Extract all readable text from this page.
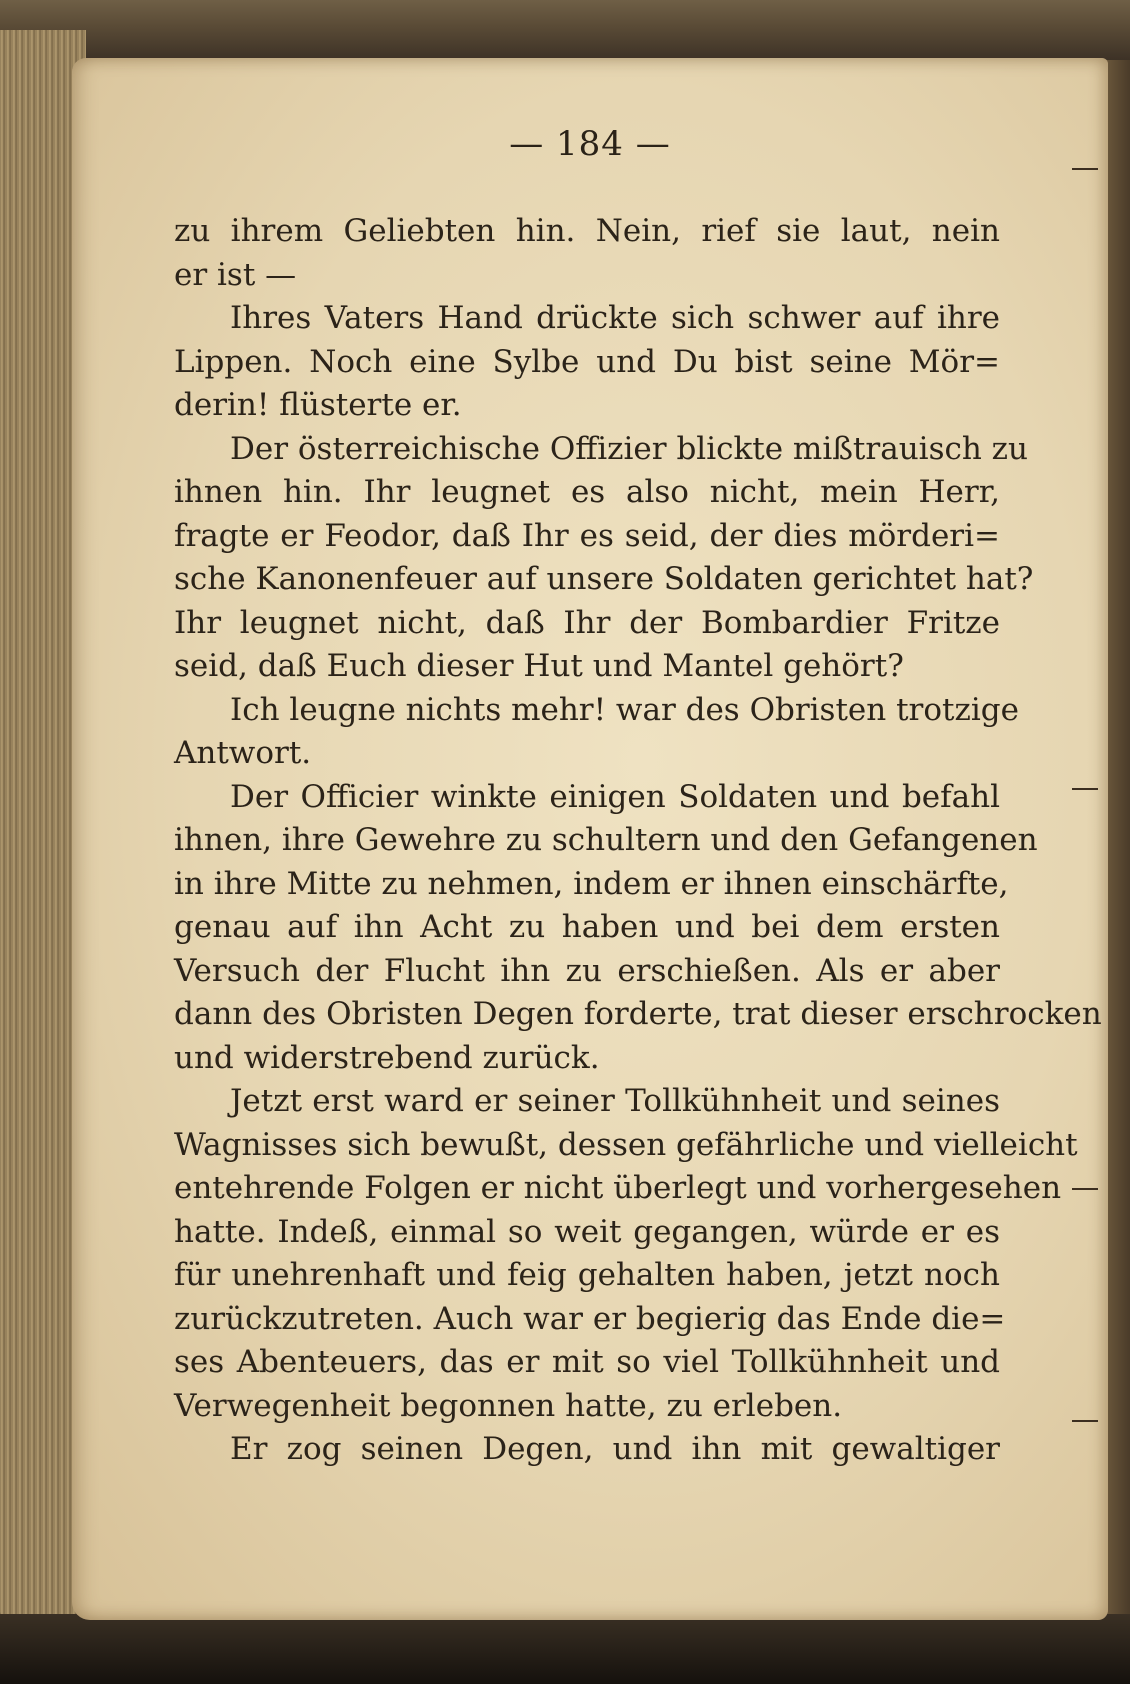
— 184 —
zu ihrem Geliebten hin. Nein, rief sie laut, nein
er ist —
Ihres Vaters Hand drückte sich schwer auf ihre
Lippen. Noch eine Sylbe und Du bist seine Mör=
derin! flüsterte er.
Der österreichische Offizier blickte mißtrauisch zu
ihnen hin. Ihr leugnet es also nicht, mein Herr,
fragte er Feodor, daß Ihr es seid, der dies mörderi=
sche Kanonenfeuer auf unsere Soldaten gerichtet hat?
Ihr leugnet nicht, daß Ihr der Bombardier Fritze
seid, daß Euch dieser Hut und Mantel gehört?
Ich leugne nichts mehr! war des Obristen trotzige
Antwort.
Der Officier winkte einigen Soldaten und befahl
ihnen, ihre Gewehre zu schultern und den Gefangenen
in ihre Mitte zu nehmen, indem er ihnen einschärfte,
genau auf ihn Acht zu haben und bei dem ersten
Versuch der Flucht ihn zu erschießen. Als er aber
dann des Obristen Degen forderte, trat dieser erschrocken
und widerstrebend zurück.
Jetzt erst ward er seiner Tollkühnheit und seines
Wagnisses sich bewußt, dessen gefährliche und vielleicht
entehrende Folgen er nicht überlegt und vorhergesehen
hatte. Indeß, einmal so weit gegangen, würde er es
für unehrenhaft und feig gehalten haben, jetzt noch
zurückzutreten. Auch war er begierig das Ende die=
ses Abenteuers, das er mit so viel Tollkühnheit und
Verwegenheit begonnen hatte, zu erleben.
Er zog seinen Degen, und ihn mit gewaltiger
